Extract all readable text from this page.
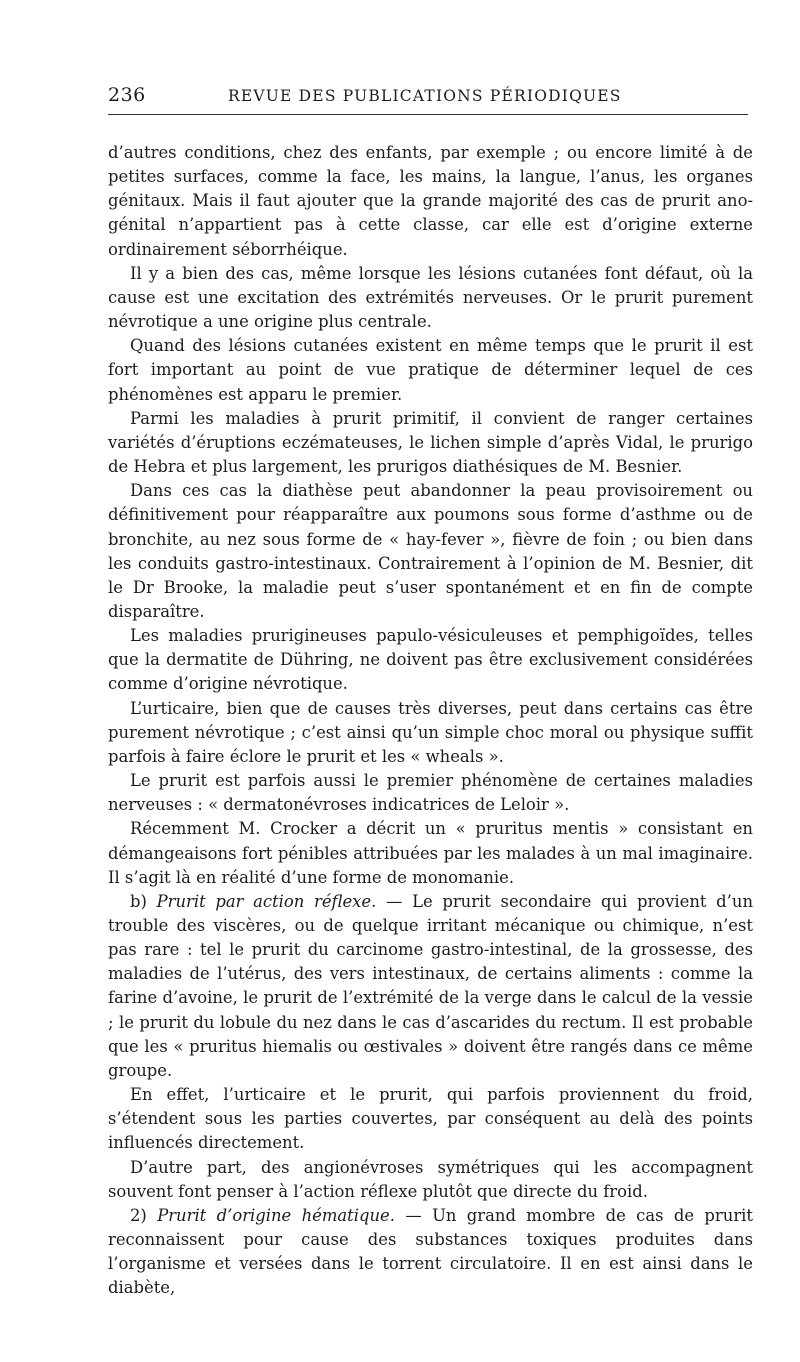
236	REVUE DES PUBLICATIONS PÉRIODIQUES

d’autres conditions, chez des enfants, par exemple ; ou encore limité à de petites surfaces, comme la face, les mains, la langue, l’anus, les organes génitaux. Mais il faut ajouter que la grande majorité des cas de prurit ano-génital n’appartient pas à cette classe, car elle est d’origine externe ordinairement séborrhéique.

Il y a bien des cas, même lorsque les lésions cutanées font défaut, où la cause est une excitation des extrémités nerveuses. Or le prurit purement névrotique a une origine plus centrale.

Quand des lésions cutanées existent en même temps que le prurit il est fort important au point de vue pratique de déterminer lequel de ces phénomènes est apparu le premier.

Parmi les maladies à prurit primitif, il convient de ranger certaines variétés d’éruptions eczémateuses, le lichen simple d’après Vidal, le prurigo de Hebra et plus largement, les prurigos diathésiques de M. Besnier.

Dans ces cas la diathèse peut abandonner la peau provisoirement ou définitivement pour réapparaître aux poumons sous forme d’asthme ou de bronchite, au nez sous forme de « hay-fever », fièvre de foin ; ou bien dans les conduits gastro-intestinaux. Contrairement à l’opinion de M. Besnier, dit le Dr Brooke, la maladie peut s’user spontanément et en fin de compte disparaître.

Les maladies prurigineuses papulo-vésiculeuses et pemphigoïdes, telles que la dermatite de Dühring, ne doivent pas être exclusivement considérées comme d’origine névrotique.

L’urticaire, bien que de causes très diverses, peut dans certains cas être purement névrotique ; c’est ainsi qu’un simple choc moral ou physique suffit parfois à faire éclore le prurit et les « wheals ».

Le prurit est parfois aussi le premier phénomène de certaines maladies nerveuses : « dermatonévroses indicatrices de Leloir ».

Récemment M. Crocker a décrit un « pruritus mentis » consistant en démangeaisons fort pénibles attribuées par les malades à un mal imaginaire. Il s’agit là en réalité d’une forme de monomanie.

b) Prurit par action réflexe. — Le prurit secondaire qui provient d’un trouble des viscères, ou de quelque irritant mécanique ou chimique, n’est pas rare : tel le prurit du carcinome gastro-intestinal, de la grossesse, des maladies de l’utérus, des vers intestinaux, de certains aliments : comme la farine d’avoine, le prurit de l’extrémité de la verge dans le calcul de la vessie ; le prurit du lobule du nez dans le cas d’ascarides du rectum. Il est probable que les « pruritus hiemalis ou œstivales » doivent être rangés dans ce même groupe.

En effet, l’urticaire et le prurit, qui parfois proviennent du froid, s’étendent sous les parties couvertes, par conséquent au delà des points influencés directement.

D’autre part, des angionévroses symétriques qui les accompagnent souvent font penser à l’action réflexe plutôt que directe du froid.

2) Prurit d’origine hématique. — Un grand mombre de cas de prurit reconnaissent pour cause des substances toxiques produites dans l’organisme et versées dans le torrent circulatoire. Il en est ainsi dans le diabète,
